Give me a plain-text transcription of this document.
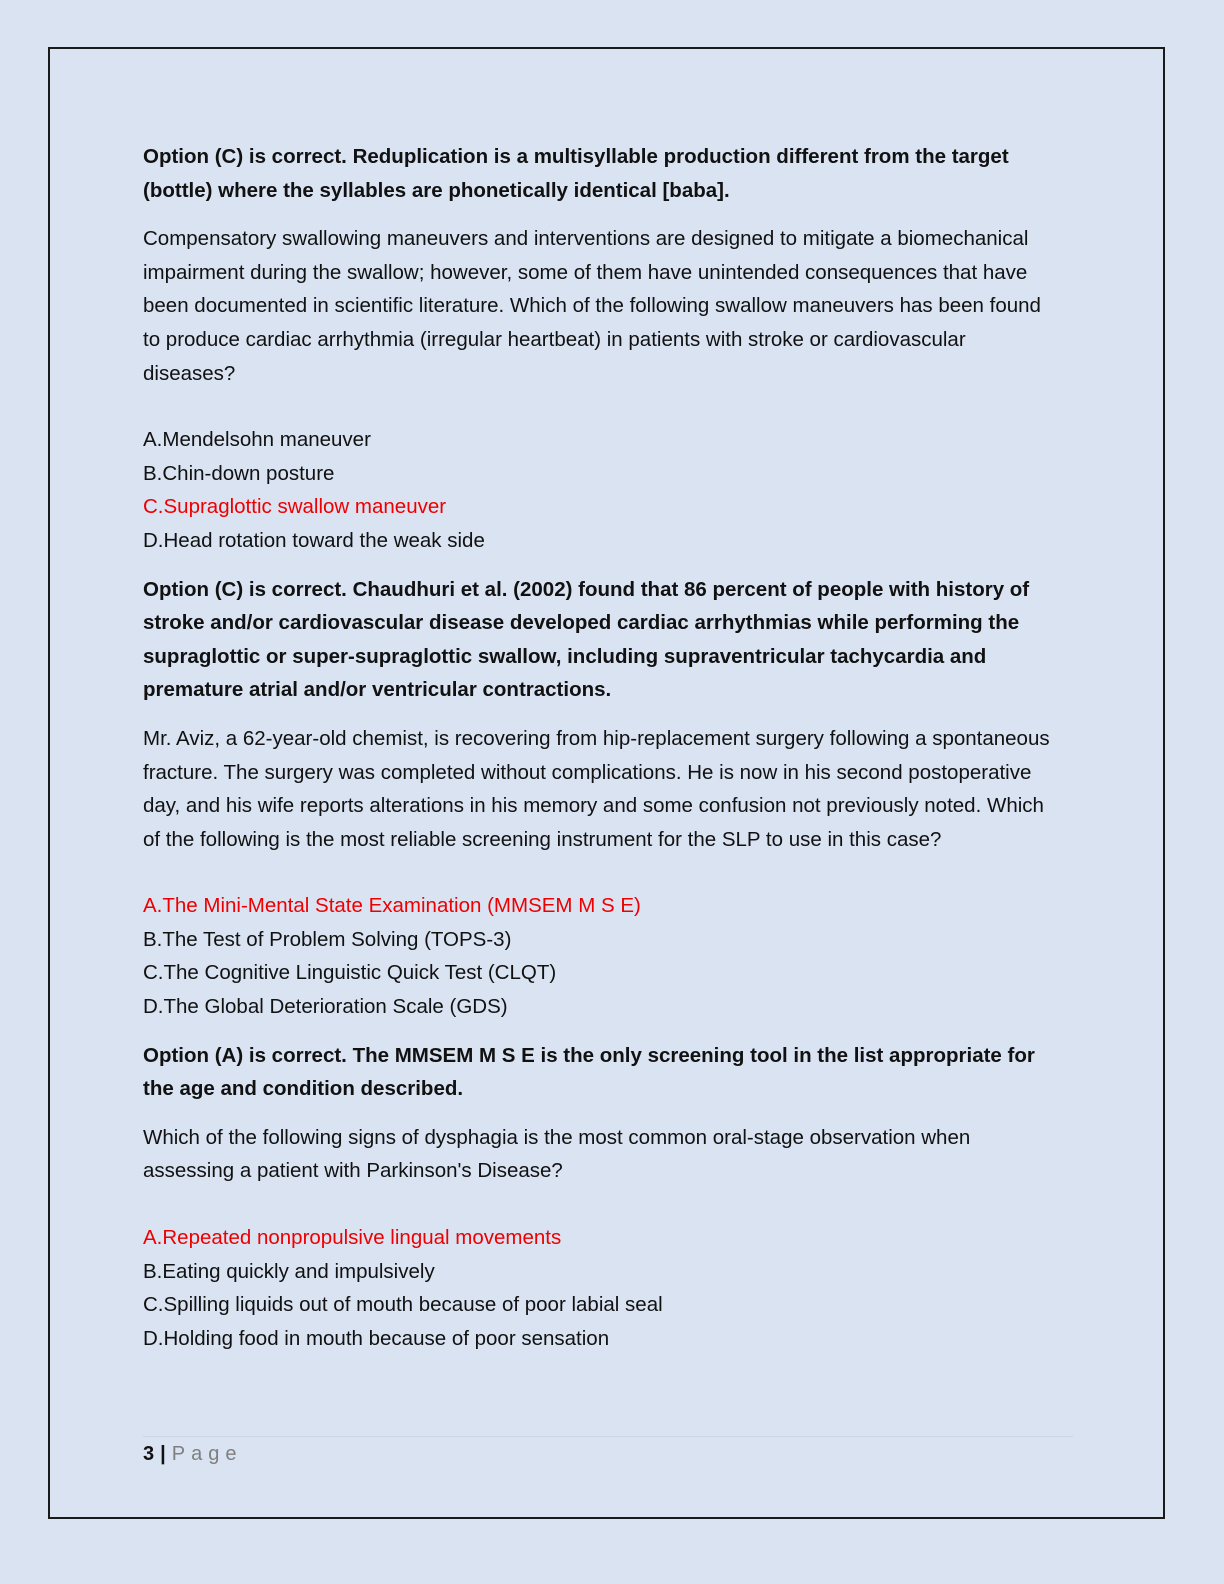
Option (C) is correct. Reduplication is a multisyllable production different from the target (bottle) where the syllables are phonetically identical [baba].

Compensatory swallowing maneuvers and interventions are designed to mitigate a biomechanical impairment during the swallow; however, some of them have unintended consequences that have been documented in scientific literature. Which of the following swallow maneuvers has been found to produce cardiac arrhythmia (irregular heartbeat) in patients with stroke or cardiovascular diseases?

A.Mendelsohn maneuver
B.Chin-down posture
C.Supraglottic swallow maneuver
D.Head rotation toward the weak side

Option (C) is correct. Chaudhuri et al. (2002) found that 86 percent of people with history of stroke and/or cardiovascular disease developed cardiac arrhythmias while performing the supraglottic or super-supraglottic swallow, including supraventricular tachycardia and premature atrial and/or ventricular contractions.

Mr. Aviz, a 62-year-old chemist, is recovering from hip-replacement surgery following a spontaneous fracture. The surgery was completed without complications. He is now in his second postoperative day, and his wife reports alterations in his memory and some confusion not previously noted. Which of the following is the most reliable screening instrument for the SLP to use in this case?

A.The Mini-Mental State Examination (MMSEM M S E)
B.The Test of Problem Solving (TOPS-3)
C.The Cognitive Linguistic Quick Test (CLQT)
D.The Global Deterioration Scale (GDS)

Option (A) is correct. The MMSEM M S E is the only screening tool in the list appropriate for the age and condition described.

Which of the following signs of dysphagia is the most common oral-stage observation when assessing a patient with Parkinson's Disease?

A.Repeated nonpropulsive lingual movements
B.Eating quickly and impulsively
C.Spilling liquids out of mouth because of poor labial seal
D.Holding food in mouth because of poor sensation
3 | Page
